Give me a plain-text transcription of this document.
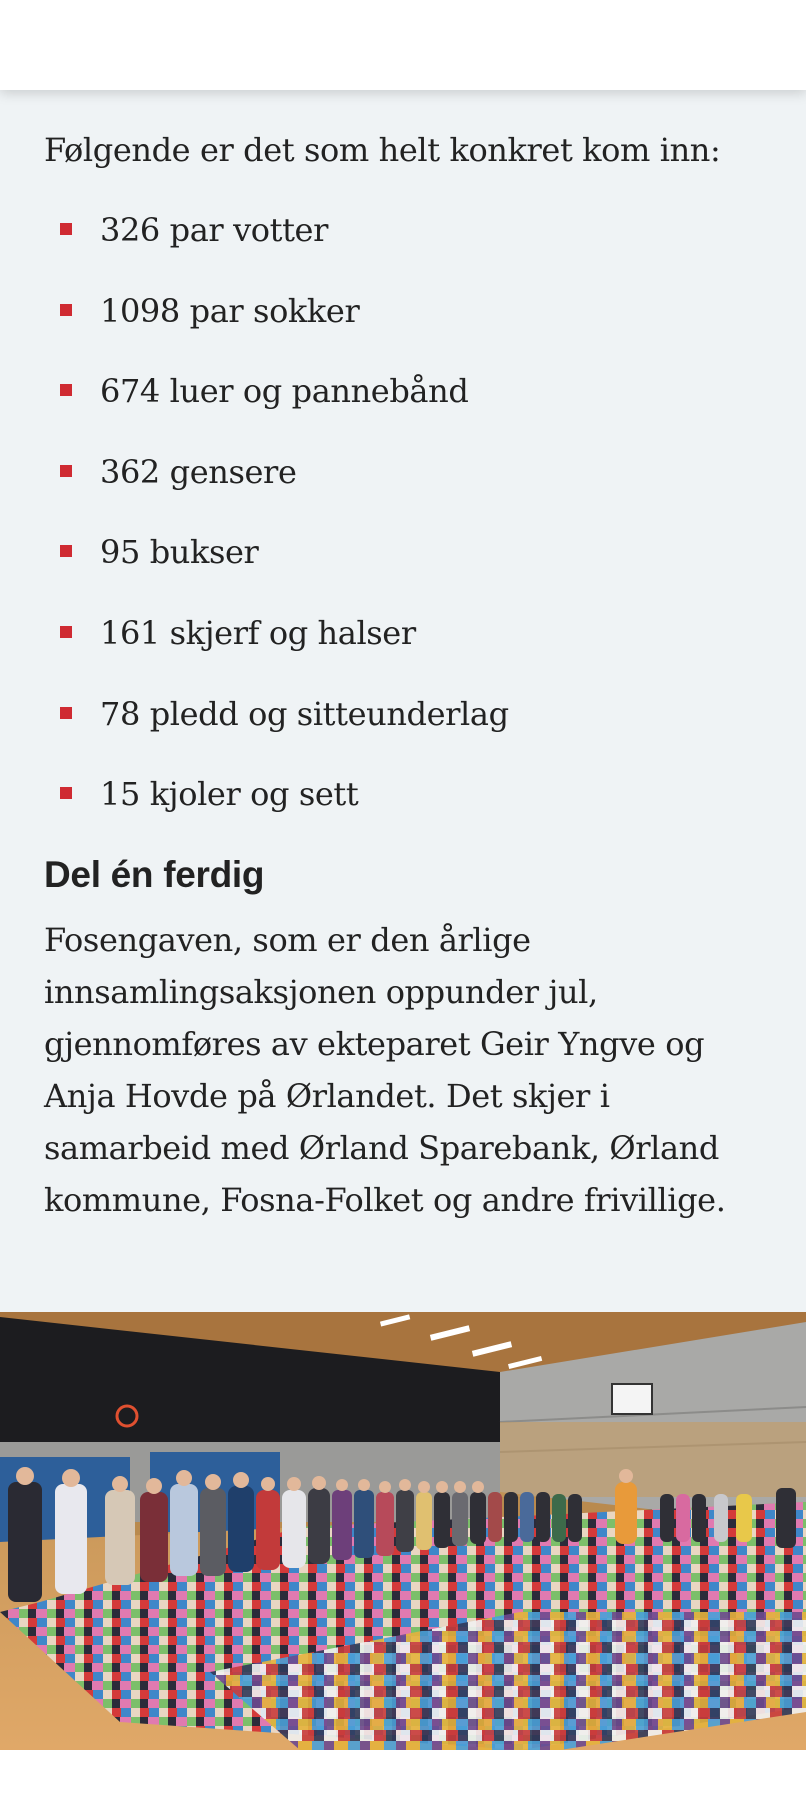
Følgende er det som helt konkret kom inn:

326 par votter
1098 par sokker
674 luer og pannebånd
362 gensere
95 bukser
161 skjerf og halser
78 pledd og sitteunderlag
15 kjoler og sett
Del én ferdig

Fosengaven, som er den årlige
innsamlingsaksjonen oppunder jul,
gjennomføres av ekteparet Geir Yngve og
Anja Hovde på Ørlandet. Det skjer i
samarbeid med Ørland Sparebank, Ørland
kommune, Fosna-Folket og andre frivillige.
